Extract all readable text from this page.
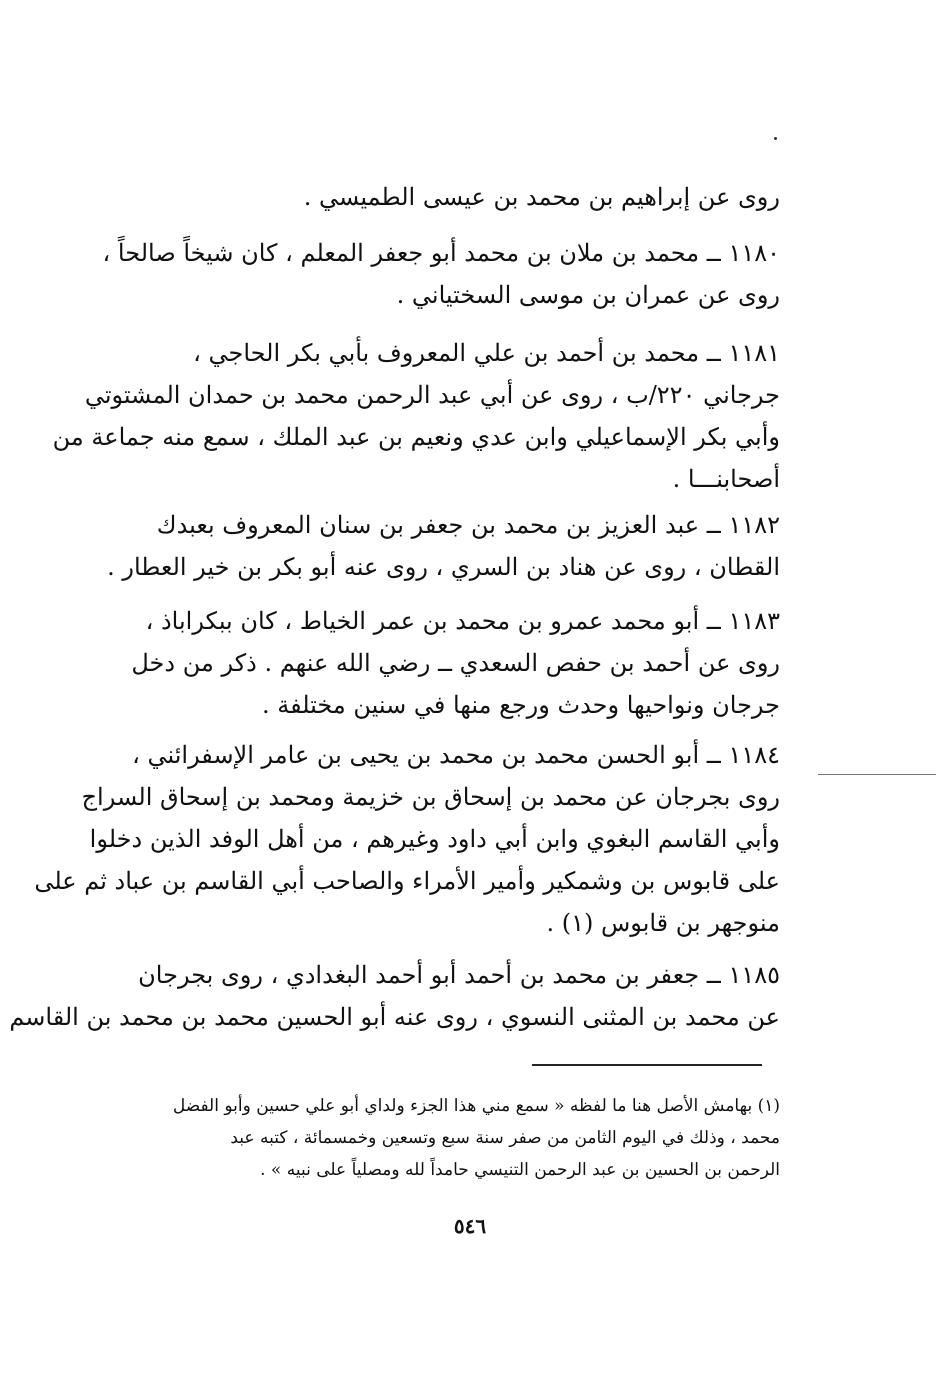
روى عن إبراهيم بن محمد بن عيسى الطميسي .

١١٨٠ ــ محمد بن ملان بن محمد أبو جعفر المعلم ، كان شيخاً صالحاً ،
روى عن عمران بن موسى السختياني .

١١٨١ ــ محمد بن أحمد بن علي المعروف بأبي بكر الحاجي ،
جرجاني ٢٢٠/ب ، روى عن أبي عبد الرحمن محمد بن حمدان المشتوتي
وأبي بكر الإسماعيلي وابن عدي ونعيم بن عبد الملك ، سمع منه جماعة من
أصحابنـــا .

١١٨٢ ــ عبد العزيز بن محمد بن جعفر بن سنان المعروف بعبدك
القطان ، روى عن هناد بن السري ، روى عنه أبو بكر بن خير العطار .

١١٨٣ ــ أبو محمد عمرو بن محمد بن عمر الخياط ، كان ببكراباذ ،
روى عن أحمد بن حفص السعدي ــ رضي الله عنهم . ذكر من دخل
جرجان ونواحيها وحدث ورجع منها في سنين مختلفة .

١١٨٤ ــ أبو الحسن محمد بن محمد بن يحيى بن عامر الإسفرائني ،
روى بجرجان عن محمد بن إسحاق بن خزيمة ومحمد بن إسحاق السراج
وأبي القاسم البغوي وابن أبي داود وغيرهم ، من أهل الوفد الذين دخلوا
على قابوس بن وشمكير وأمير الأمراء والصاحب أبي القاسم بن عباد ثم على
منوجهر بن قابوس (١) .

١١٨٥ ــ جعفر بن محمد بن أحمد أبو أحمد البغدادي ، روى بجرجان
عن محمد بن المثنى النسوي ، روى عنه أبو الحسين محمد بن محمد بن القاسم

(١) بهامش الأصل هنا ما لفظه « سمع مني هذا الجزء ولداي أبو علي حسين وأبو الفضل
محمد ، وذلك في اليوم الثامن من صفر سنة سبع وتسعين وخمسمائة ، كتبه عبد
الرحمن بن الحسين بن عبد الرحمن التنيسي حامداً لله ومصلياً على نبيه » .
٥٤٦
